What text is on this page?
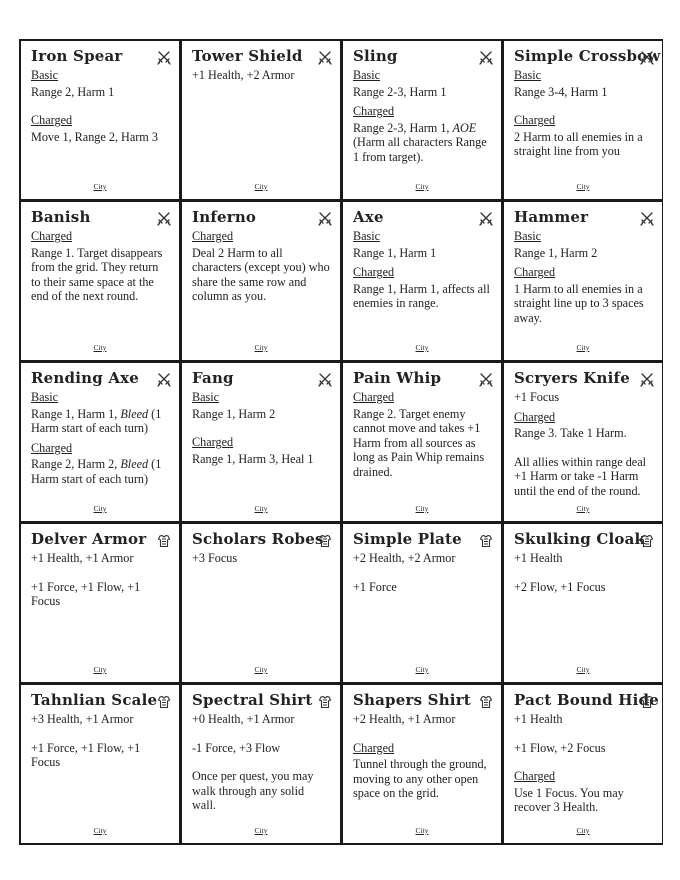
Iron Spear
Basic
Range 2, Harm 1
Charged
Move 1, Range 2, Harm 3
City
Tower Shield
+1 Health, +2 Armor
City
Sling
Basic
Range 2-3, Harm 1
Charged
Range 2-3, Harm 1, AOE (Harm all characters Range 1 from target).
City
Simple Crossbow
Basic
Range 3-4, Harm 1
Charged
2 Harm to all enemies in a straight line from you
City
Banish
Charged
Range 1. Target disappears from the grid. They return to their same space at the end of the next round.
City
Inferno
Charged
Deal 2 Harm to all characters (except you) who share the same row and column as you.
City
Axe
Basic
Range 1, Harm 1
Charged
Range 1, Harm 1, affects all enemies in range.
City
Hammer
Basic
Range 1, Harm 2
Charged
1 Harm to all enemies in a straight line up to 3 spaces away.
City
Rending Axe
Basic
Range 1, Harm 1, Bleed (1 Harm start of each turn)
Charged
Range 2, Harm 2, Bleed (1 Harm start of each turn)
City
Fang
Basic
Range 1, Harm 2
Charged
Range 1, Harm 3, Heal 1
City
Pain Whip
Charged
Range 2. Target enemy cannot move and takes +1 Harm from all sources as long as Pain Whip remains drained.
City
Scryers Knife
+1 Focus
Charged
Range 3. Take 1 Harm.
All allies within range deal +1 Harm or take -1 Harm until the end of the round.
City
Delver Armor
+1 Health, +1 Armor
+1 Force, +1 Flow, +1 Focus
City
Scholars Robes
+3 Focus
City
Simple Plate
+2 Health, +2 Armor
+1 Force
City
Skulking Cloak
+1 Health
+2 Flow, +1 Focus
City
Tahnlian Scale
+3 Health, +1 Armor
+1 Force, +1 Flow, +1 Focus
City
Spectral Shirt
+0 Health, +1 Armor
-1 Force, +3 Flow
Once per quest, you may walk through any solid wall.
City
Shapers Shirt
+2 Health, +1 Armor
Charged
Tunnel through the ground, moving to any other open space on the grid.
City
Pact Bound Hide
+1 Health
+1 Flow, +2 Focus
Charged
Use 1 Focus. You may recover 3 Health.
City
